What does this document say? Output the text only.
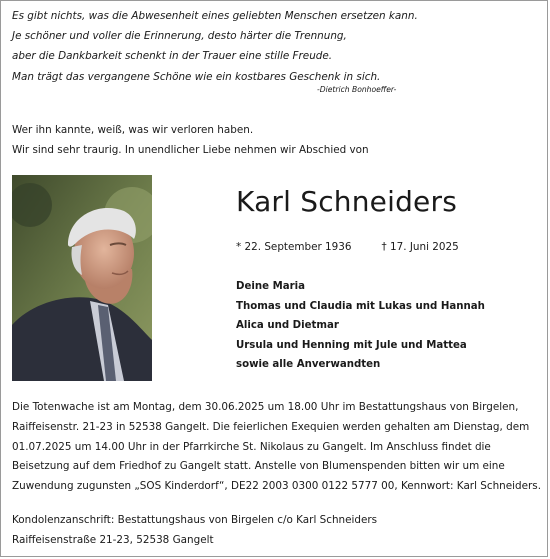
Es gibt nichts, was die Abwesenheit eines geliebten Menschen ersetzen kann.
Je schöner und voller die Erinnerung, desto härter die Trennung,
aber die Dankbarkeit schenkt in der Trauer eine stille Freude.
Man trägt das vergangene Schöne wie ein kostbares Geschenk in sich.
-Dietrich Bonhoeffer-
Wer ihn kannte, weiß, was wir verloren haben.
Wir sind sehr traurig. In unendlicher Liebe nehmen wir Abschied von
Karl Schneiders
* 22. September 1936	† 17. Juni 2025
Deine Maria
Thomas und Claudia mit Lukas und Hannah
Alica und Dietmar
Ursula und Henning mit Jule und Mattea
sowie alle Anverwandten
Die Totenwache ist am Montag, dem 30.06.2025 um 18.00 Uhr im Bestattungshaus von Birgelen,
Raiffeisenstr. 21-23 in 52538 Gangelt. Die feierlichen Exequien werden gehalten am Dienstag, dem
01.07.2025 um 14.00 Uhr in der Pfarrkirche St. Nikolaus zu Gangelt. Im Anschluss findet die
Beisetzung auf dem Friedhof zu Gangelt statt. Anstelle von Blumenspenden bitten wir um eine
Zuwendung zugunsten „SOS Kinderdorf“, DE22 2003 0300 0122 5777 00, Kennwort: Karl Schneiders.
Kondolenzanschrift: Bestattungshaus von Birgelen c/o Karl Schneiders
Raiffeisenstraße 21-23, 52538 Gangelt
